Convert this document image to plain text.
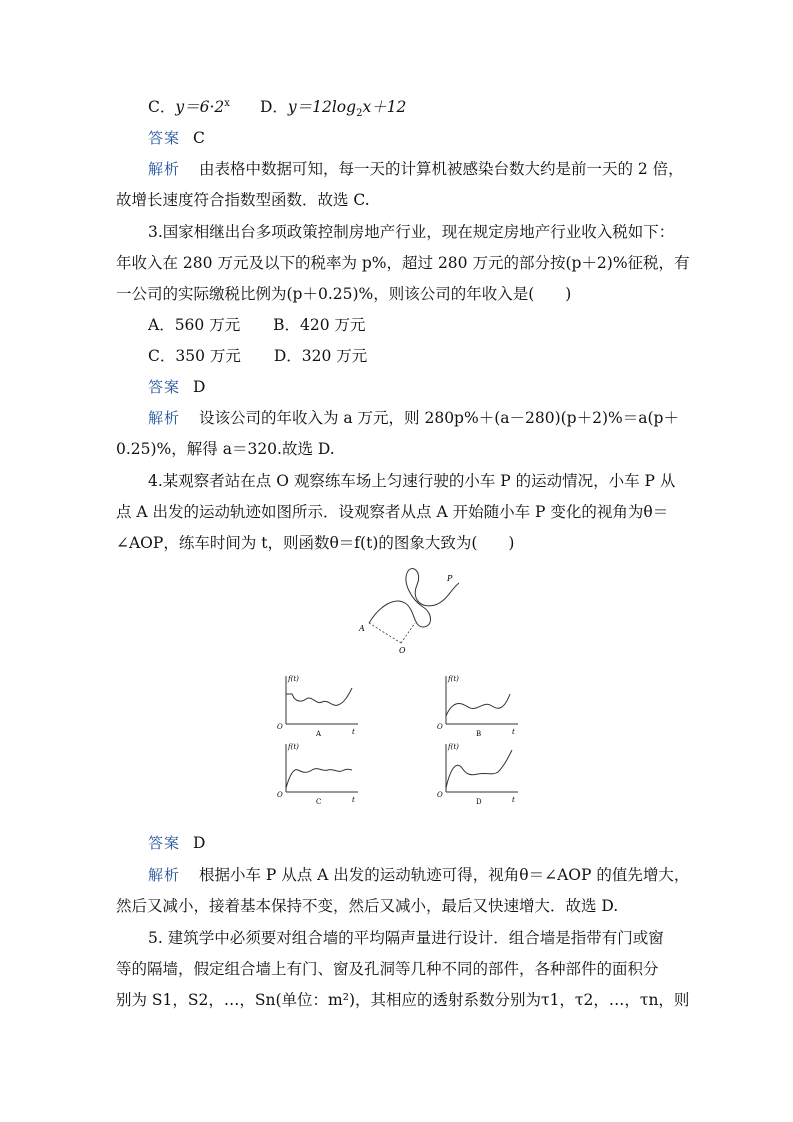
C．$y=6\cdot 2^x$ D．$y=12\log_2x+12$
答案 C
解析 由表格中数据可知，每一天的计算机被感染台数大约是前一天的 2 倍，
故增长速度符合指数型函数．故选 C.
3.国家相继出台多项政策控制房地产行业，现在规定房地产行业收入税如下：
年收入在 280 万元及以下的税率为 p%，超过 280 万元的部分按(p＋2)%征税，有
一公司的实际缴税比例为(p＋0.25)%，则该公司的年收入是(　　)
A．560 万元 B．420 万元
C．350 万元 D．320 万元
答案 D
解析 设该公司的年收入为 a 万元，则 280p%＋(a－280)(p＋2)%＝a(p＋
0.25)%，解得 a＝320.故选 D.
4.某观察者站在点 O 观察练车场上匀速行驶的小车 P 的运动情况，小车 P 从
点 A 出发的运动轨迹如图所示．设观察者从点 A 开始随小车 P 变化的视角为θ＝
∠AOP，练车时间为 t，则函数θ＝f(t)的图象大致为(　　)
A
O
P
f(t)
t
O
A
f(t)
t
O
B
f(t)
t
O
C
f(t)
t
O
D
答案 D
解析 根据小车 P 从点 A 出发的运动轨迹可得，视角θ＝∠AOP 的值先增大，
然后又减小，接着基本保持不变，然后又减小，最后又快速增大．故选 D.
5. 建筑学中必须要对组合墙的平均隔声量进行设计．组合墙是指带有门或窗
等的隔墙，假定组合墙上有门、窗及孔洞等几种不同的部件，各种部件的面积分
别为 S1，S2，…，Sn(单位：m²)，其相应的透射系数分别为τ1，τ2，…，τn，则
